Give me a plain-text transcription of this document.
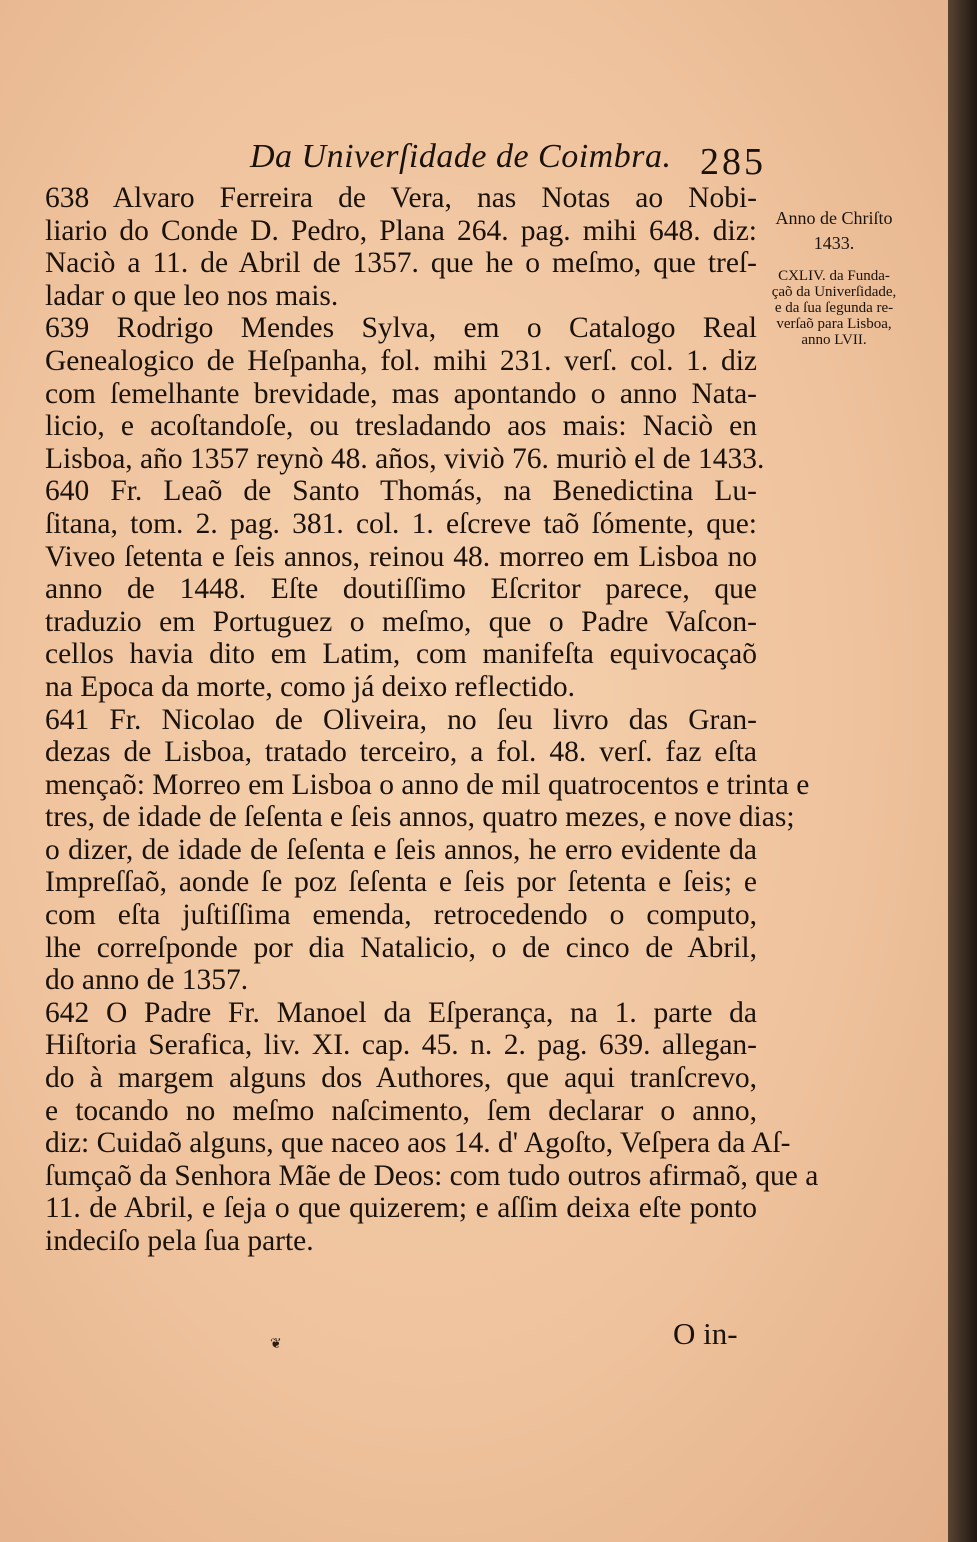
Da Univerſidade de Coimbra. 285
638 Alvaro Ferreira de Vera, nas Notas ao Nobi-
liario do Conde D. Pedro, Plana 264. pag. mihi 648. diz:
Naciò a 11. de Abril de 1357. que he o meſmo, que treſ-
ladar o que leo nos mais.
639 Rodrigo Mendes Sylva, em o Catalogo Real
Genealogico de Heſpanha, fol. mihi 231. verſ. col. 1. diz
com ſemelhante brevidade, mas apontando o anno Nata-
licio, e acoſtandoſe, ou tresladando aos mais: Naciò en
Lisboa, año 1357 reynò 48. años, viviò 76. muriò el de 1433.
640 Fr. Leaõ de Santo Thomás, na Benedictina Lu-
ſitana, tom. 2. pag. 381. col. 1. eſcreve taõ ſómente, que:
Viveo ſetenta e ſeis annos, reinou 48. morreo em Lisboa no
anno de 1448. Eſte doutiſſimo Eſcritor parece, que
traduzio em Portuguez o meſmo, que o Padre Vaſcon-
cellos havia dito em Latim, com manifeſta equivocaçaõ
na Epoca da morte, como já deixo reflectido.
641 Fr. Nicolao de Oliveira, no ſeu livro das Gran-
dezas de Lisboa, tratado terceiro, a fol. 48. verſ. faz eſta
mençaõ: Morreo em Lisboa o anno de mil quatrocentos e trinta e
tres, de idade de ſeſenta e ſeis annos, quatro mezes, e nove dias;
o dizer, de idade de ſeſenta e ſeis annos, he erro evidente da
Impreſſaõ, aonde ſe poz ſeſenta e ſeis por ſetenta e ſeis; e
com eſta juſtiſſima emenda, retrocedendo o computo,
lhe correſponde por dia Natalicio, o de cinco de Abril,
do anno de 1357.
642 O Padre Fr. Manoel da Eſperança, na 1. parte da
Hiſtoria Serafica, liv. XI. cap. 45. n. 2. pag. 639. allegan-
do à margem alguns dos Authores, que aqui tranſcrevo,
e tocando no meſmo naſcimento, ſem declarar o anno,
diz: Cuidaõ alguns, que naceo aos 14. d' Agoſto, Veſpera da Aſ-
ſumçaõ da Senhora Mãe de Deos: com tudo outros afirmaõ, que a
11. de Abril, e ſeja o que quizerem; e aſſim deixa eſte ponto
indeciſo pela ſua parte.
Anno de Chriſto
1433.
CXLIV. da Funda-
çaõ da Univerſidade,
e da ſua ſegunda re-
verſaõ para Lisboa,
anno LVII.
❦	O in-
